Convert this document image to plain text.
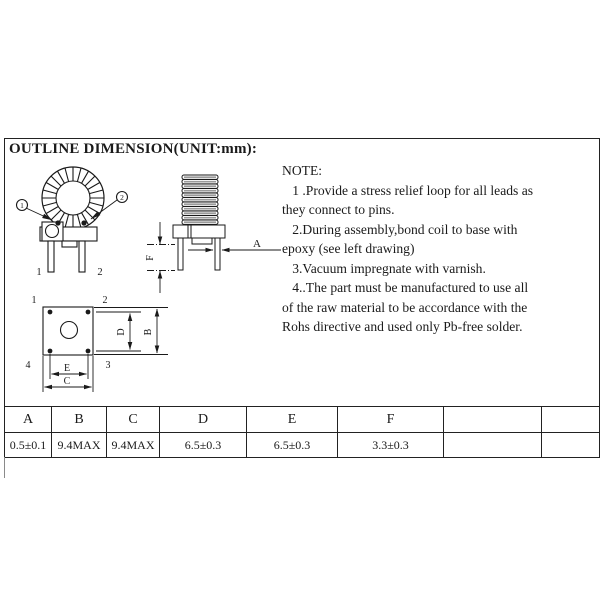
OUTLINE DIMENSION(UNIT:mm):
NOTE:
1 .Provide a stress relief loop for all leads as
they connect to pins.
2.During assembly,bond coil to base with
epoxy (see left drawing)
3.Vacuum impregnate with varnish.
4..The part must be manufactured to use all
of the raw material to be accordance with the
Rohs directive and used only Pb-free solder.
1
2
1	2
A
F
1	2
3
4
D B
E
C
A	B	C	D	E	F		
0.5±0.1	9.4MAX	9.4MAX	6.5±0.3	6.5±0.3	3.3±0.3		
